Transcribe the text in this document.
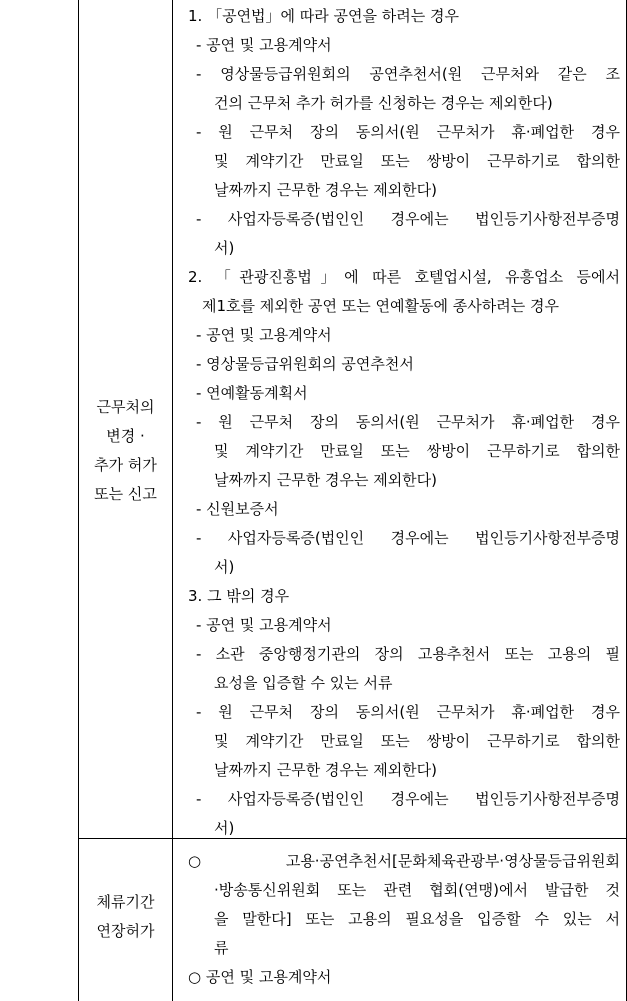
근무처의
변경 ·
추가 허가
또는 신고
1. 「공연법」에 따라 공연을 하려는 경우
- 공연 및 고용계약서
- 영상물등급위원회의 공연추천서(원 근무처와 같은 조
건의 근무처 추가 허가를 신청하는 경우는 제외한다)
- 원 근무처 장의 동의서(원 근무처가 휴·폐업한 경우
및 계약기간 만료일 또는 쌍방이 근무하기로 합의한
날짜까지 근무한 경우는 제외한다)
- 사업자등록증(법인인 경우에는 법인등기사항전부증명
서)
2. 「관광진흥법」에 따른 호텔업시설, 유흥업소 등에서
제1호를 제외한 공연 또는 연예활동에 종사하려는 경우
- 공연 및 고용계약서
- 영상물등급위원회의 공연추천서
- 연예활동계획서
- 원 근무처 장의 동의서(원 근무처가 휴·폐업한 경우
및 계약기간 만료일 또는 쌍방이 근무하기로 합의한
날짜까지 근무한 경우는 제외한다)
- 신원보증서
- 사업자등록증(법인인 경우에는 법인등기사항전부증명
서)
3. 그 밖의 경우
- 공연 및 고용계약서
- 소관 중앙행정기관의 장의 고용추천서 또는 고용의 필
요성을 입증할 수 있는 서류
- 원 근무처 장의 동의서(원 근무처가 휴·폐업한 경우
및 계약기간 만료일 또는 쌍방이 근무하기로 합의한
날짜까지 근무한 경우는 제외한다)
- 사업자등록증(법인인 경우에는 법인등기사항전부증명
서)
체류기간
연장허가
○ 고용·공연추천서[문화체육관광부·영상물등급위원회
·방송통신위원회 또는 관련 협회(연맹)에서 발급한 것
을 말한다] 또는 고용의 필요성을 입증할 수 있는 서
류
○ 공연 및 고용계약서
